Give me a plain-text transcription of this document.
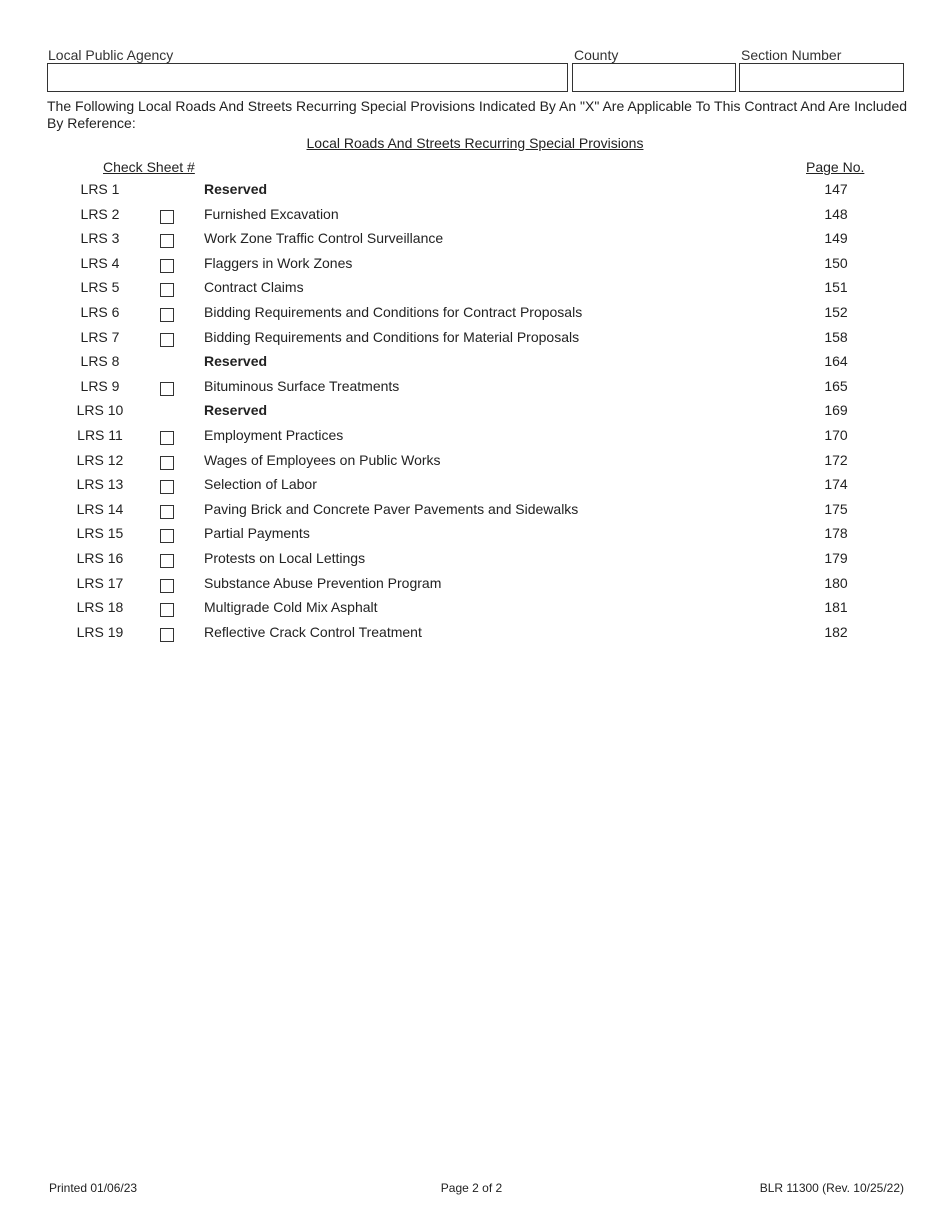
Local Public Agency	County	Section Number
The Following Local Roads And Streets Recurring Special Provisions Indicated By An "X" Are Applicable To This Contract And Are Included By Reference:
Local Roads And Streets Recurring Special Provisions
Check Sheet #	Page No.
LRS 1	Reserved	147
LRS 2	Furnished Excavation	148
LRS 3	Work Zone Traffic Control Surveillance	149
LRS 4	Flaggers in Work Zones	150
LRS 5	Contract Claims	151
LRS 6	Bidding Requirements and Conditions for Contract Proposals	152
LRS 7	Bidding Requirements and Conditions for Material Proposals	158
LRS 8	Reserved	164
LRS 9	Bituminous Surface Treatments	165
LRS 10	Reserved	169
LRS 11	Employment Practices	170
LRS 12	Wages of Employees on Public Works	172
LRS 13	Selection of Labor	174
LRS 14	Paving Brick and Concrete Paver Pavements and Sidewalks	175
LRS 15	Partial Payments	178
LRS 16	Protests on Local Lettings	179
LRS 17	Substance Abuse Prevention Program	180
LRS 18	Multigrade Cold Mix Asphalt	181
LRS 19	Reflective Crack Control Treatment	182
Printed 01/06/23	Page 2 of 2	BLR 11300 (Rev. 10/25/22)
